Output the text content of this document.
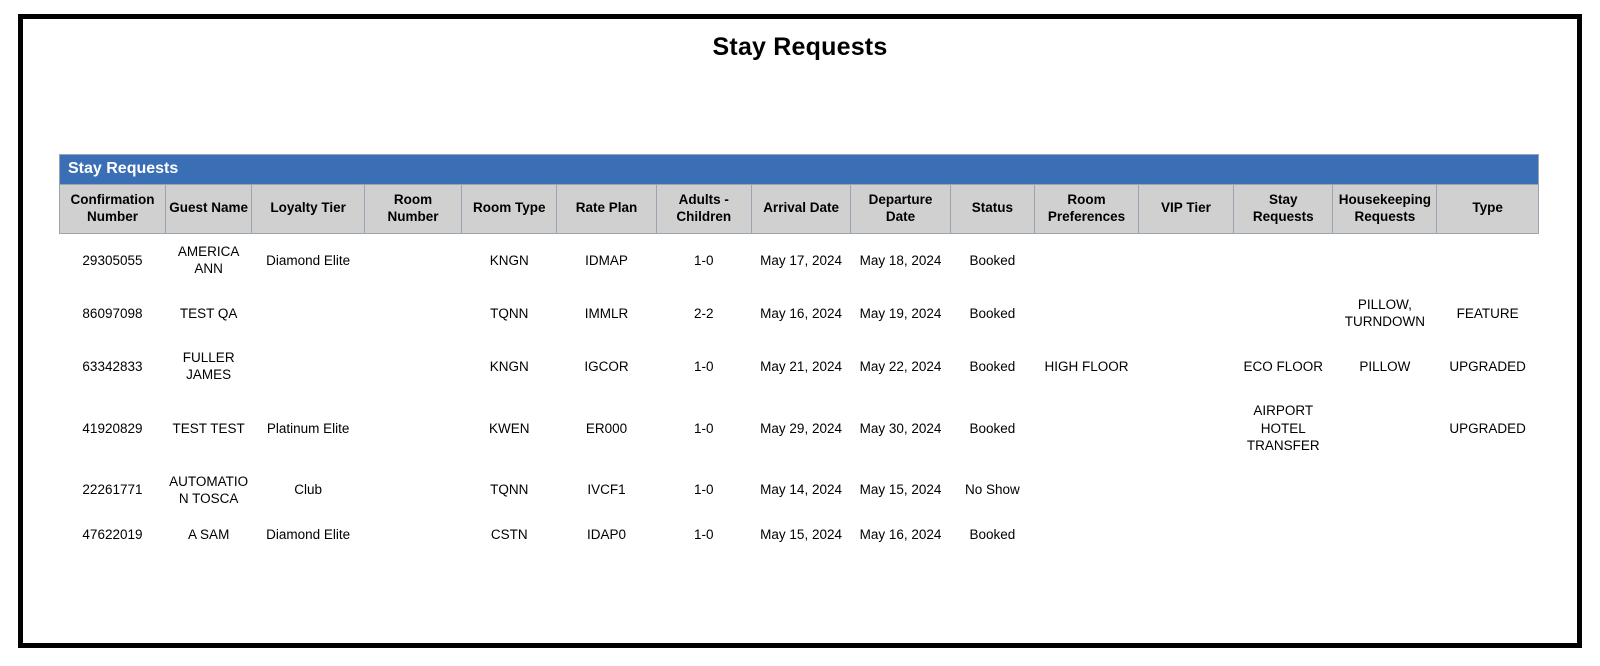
Stay Requests
Stay Requests
Confirmation Number	Guest Name	Loyalty Tier	Room Number	Room Type	Rate Plan	Adults - Children	Arrival Date	Departure Date	Status	Room Preferences	VIP Tier	Stay Requests	Housekeeping Requests	Type
29305055	AMERICA ANN	Diamond Elite		KNGN	IDMAP	1-0	May 17, 2024	May 18, 2024	Booked					
86097098	TEST QA			TQNN	IMMLR	2-2	May 16, 2024	May 19, 2024	Booked				PILLOW, TURNDOWN	FEATURE
63342833	FULLER JAMES			KNGN	IGCOR	1-0	May 21, 2024	May 22, 2024	Booked	HIGH FLOOR		ECO FLOOR	PILLOW	UPGRADED
41920829	TEST TEST	Platinum Elite		KWEN	ER000	1-0	May 29, 2024	May 30, 2024	Booked			AIRPORT HOTEL TRANSFER		UPGRADED
22261771	AUTOMATION TOSCA	Club		TQNN	IVCF1	1-0	May 14, 2024	May 15, 2024	No Show					
47622019	A SAM	Diamond Elite		CSTN	IDAP0	1-0	May 15, 2024	May 16, 2024	Booked					
